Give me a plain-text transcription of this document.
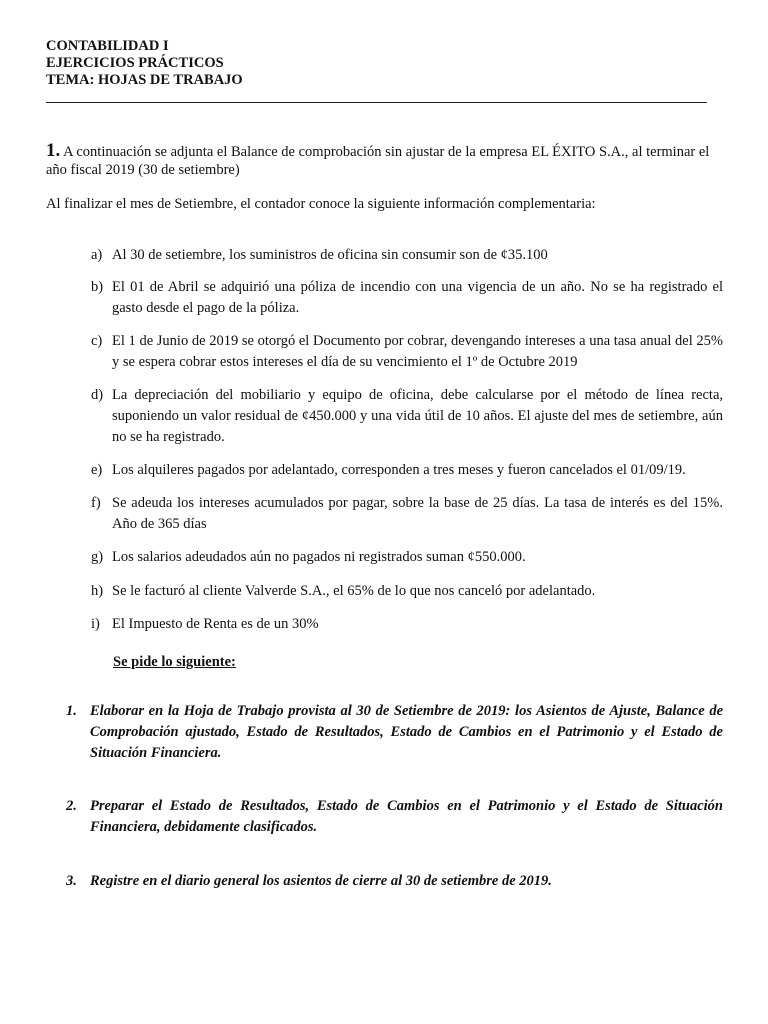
CONTABILIDAD I
EJERCICIOS PRÁCTICOS
TEMA: HOJAS DE TRABAJO
1. A continuación se adjunta el Balance de comprobación sin ajustar de la empresa EL ÉXITO S.A., al terminar el año fiscal 2019 (30 de setiembre)
Al finalizar el mes de Setiembre, el contador conoce la siguiente información complementaria:
a) Al 30 de setiembre, los suministros de oficina sin consumir son de ¢35.100
b) El 01 de Abril se adquirió una póliza de incendio con una vigencia de un año. No se ha registrado el gasto desde el pago de la póliza.
c) El 1 de Junio de 2019 se otorgó el Documento por cobrar, devengando intereses a una tasa anual del 25% y se espera cobrar estos intereses el día de su vencimiento el 1º de Octubre 2019
d) La depreciación del mobiliario y equipo de oficina, debe calcularse por el método de línea recta, suponiendo un valor residual de ¢450.000 y una vida útil de 10 años. El ajuste del mes de setiembre, aún no se ha registrado.
e) Los alquileres pagados por adelantado, corresponden a tres meses y fueron cancelados el 01/09/19.
f) Se adeuda los intereses acumulados por pagar, sobre la base de 25 días. La tasa de interés es del 15%. Año de 365 días
g) Los salarios adeudados aún no pagados ni registrados suman ¢550.000.
h) Se le facturó al cliente Valverde S.A., el 65% de lo que nos canceló por adelantado.
i) El Impuesto de Renta es de un 30%
Se pide lo siguiente:
1. Elaborar en la Hoja de Trabajo provista al 30 de Setiembre de 2019: los Asientos de Ajuste, Balance de Comprobación ajustado, Estado de Resultados, Estado de Cambios en el Patrimonio y el Estado de Situación Financiera.
2. Preparar el Estado de Resultados, Estado de Cambios en el Patrimonio y el Estado de Situación Financiera, debidamente clasificados.
3. Registre en el diario general los asientos de cierre al 30 de setiembre de 2019.
